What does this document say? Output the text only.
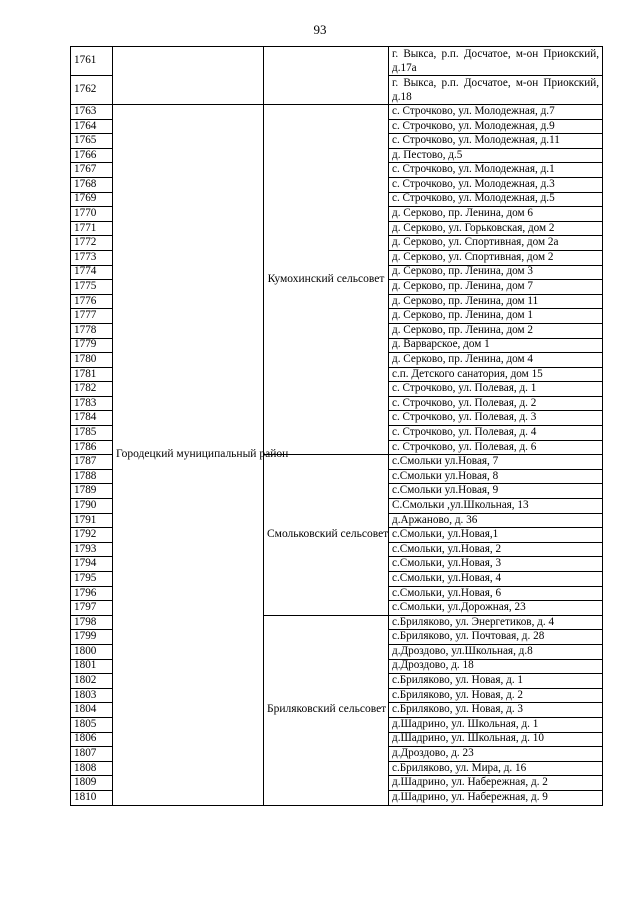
93
1761			г. Выкса, р.п. Досчатое, м-он Приокский, д.17а
1762			г. Выкса, р.п. Досчатое, м-он Приокский, д.18
1763	Городецкий муниципальный район	Кумохинский сельсовет	с. Строчково, ул. Молодежная, д.7
1764			с. Строчково, ул. Молодежная, д.9
1765			с. Строчково, ул. Молодежная, д.11
1766			д. Пестово, д.5
1767			с. Строчково, ул. Молодежная, д.1
1768			с. Строчково, ул. Молодежная, д.3
1769			с. Строчково, ул. Молодежная, д.5
1770			д. Серково, пр. Ленина, дом 6
1771			д. Серково, ул. Горьковская, дом 2
1772			д. Серково, ул. Спортивная, дом 2а
1773			д. Серково, ул. Спортивная, дом 2
1774			д. Серково, пр. Ленина, дом 3
1775			д. Серково, пр. Ленина, дом 7
1776			д. Серково, пр. Ленина, дом 11
1777			д. Серково, пр. Ленина, дом 1
1778			д. Серково, пр. Ленина, дом 2
1779			д. Варварское, дом 1
1780			д. Серково, пр. Ленина, дом 4
1781			с.п. Детского санатория, дом 15
1782			с. Строчково, ул. Полевая, д. 1
1783			с. Строчково, ул. Полевая, д. 2
1784			с. Строчково, ул. Полевая, д. 3
1785			с. Строчково, ул. Полевая, д. 4
1786			с. Строчково, ул. Полевая, д. 6
1787		Смольковский сельсовет	с.Смольки ул.Новая, 7
1788			с.Смольки ул.Новая, 8
1789			с.Смольки ул.Новая, 9
1790			С.Смольки ,ул.Школьная, 13
1791			д.Аржаново, д. 36
1792			с.Смольки, ул.Новая,1
1793			с.Смольки, ул.Новая, 2
1794			с.Смольки, ул.Новая, 3
1795			с.Смольки, ул.Новая, 4
1796			с.Смольки, ул.Новая, 6
1797			с.Смольки, ул.Дорожная, 23
1798		Бриляковский сельсовет	с.Бриляково, ул. Энергетиков, д. 4
1799			с.Бриляково, ул. Почтовая, д. 28
1800			д.Дроздово, ул.Школьная, д.8
1801			д.Дроздово, д. 18
1802			с.Бриляково, ул. Новая, д. 1
1803			с.Бриляково, ул. Новая, д. 2
1804			с.Бриляково, ул. Новая, д. 3
1805			д.Шадрино, ул. Школьная, д. 1
1806			д.Шадрино, ул. Школьная, д. 10
1807			д.Дроздово, д. 23
1808			с.Бриляково, ул. Мира, д. 16
1809			д.Шадрино, ул. Набережная, д. 2
1810			д.Шадрино, ул. Набережная, д. 9
